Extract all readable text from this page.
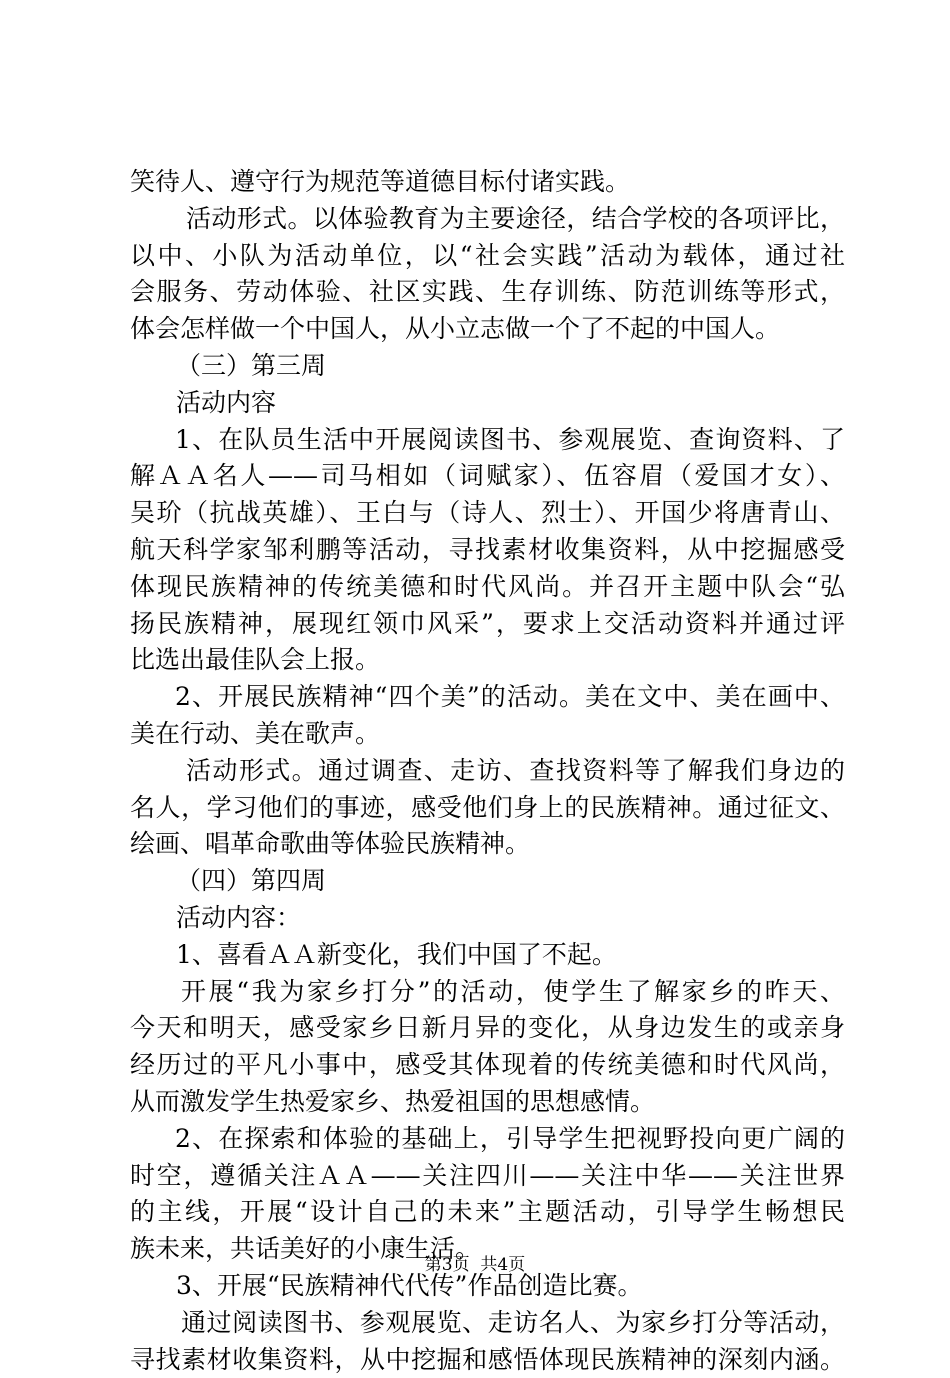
笑待人、遵守行为规范等道德目标付诸实践。
活动形式。以体验教育为主要途径，结合学校的各项评比，
以中、小队为活动单位，以“社会实践”活动为载体，通过社
会服务、劳动体验、社区实践、生存训练、防范训练等形式，
体会怎样做一个中国人，从小立志做一个了不起的中国人。
（三）第三周
活动内容
1、在队员生活中开展阅读图书、参观展览、查询资料、了
解ＡＡ名人——司马相如（词赋家）、伍容眉（爱国才女）、
吴玠（抗战英雄）、王白与（诗人、烈士）、开国少将唐青山、
航天科学家邹利鹏等活动，寻找素材收集资料，从中挖掘感受
体现民族精神的传统美德和时代风尚。并召开主题中队会“弘
扬民族精神，展现红领巾风采”，要求上交活动资料并通过评
比选出最佳队会上报。
2、开展民族精神“四个美”的活动。美在文中、美在画中、
美在行动、美在歌声。
活动形式。通过调查、走访、查找资料等了解我们身边的
名人，学习他们的事迹，感受他们身上的民族精神。通过征文、
绘画、唱革命歌曲等体验民族精神。
（四）第四周
活动内容：
1、喜看ＡＡ新变化，我们中国了不起。
开展“我为家乡打分”的活动，使学生了解家乡的昨天、
今天和明天，感受家乡日新月异的变化，从身边发生的或亲身
经历过的平凡小事中，感受其体现着的传统美德和时代风尚，
从而激发学生热爱家乡、热爱祖国的思想感情。
2、在探索和体验的基础上，引导学生把视野投向更广阔的
时空，遵循关注ＡＡ——关注四川——关注中华——关注世界
的主线，开展“设计自己的未来”主题活动，引导学生畅想民
族未来，共话美好的小康生活。
3、开展“民族精神代代传”作品创造比赛。
通过阅读图书、参观展览、走访名人、为家乡打分等活动，
寻找素材收集资料，从中挖掘和感悟体现民族精神的深刻内涵。
第3页  共4页
